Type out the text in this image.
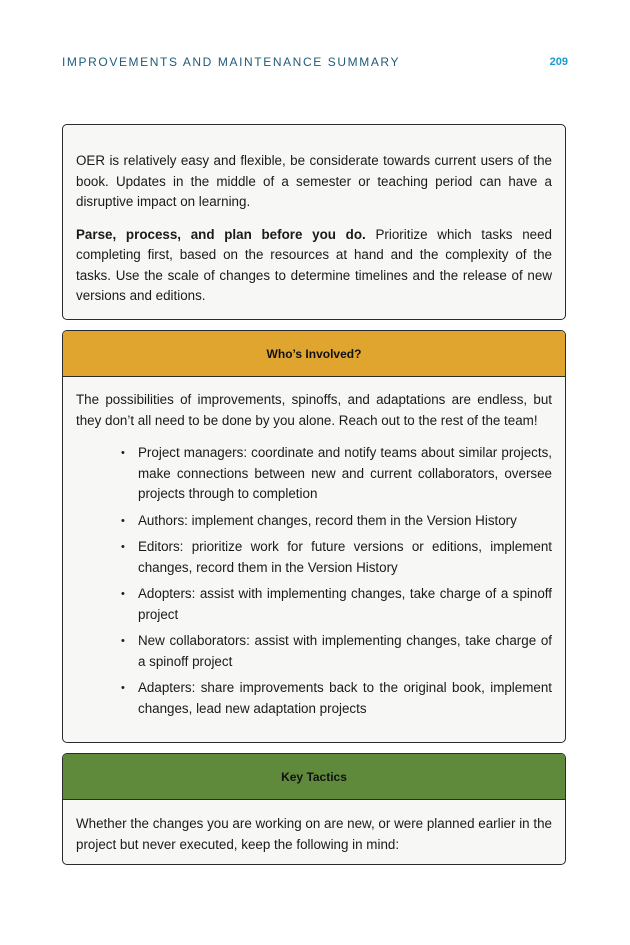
IMPROVEMENTS AND MAINTENANCE SUMMARY	209

OER is relatively easy and flexible, be considerate towards current users of the book. Updates in the middle of a semester or teaching period can have a disruptive impact on learning.

Parse, process, and plan before you do. Prioritize which tasks need completing first, based on the resources at hand and the complexity of the tasks. Use the scale of changes to determine timelines and the release of new versions and editions.

Who’s Involved?

The possibilities of improvements, spinoffs, and adaptations are endless, but they don’t all need to be done by you alone. Reach out to the rest of the team!

• Project managers: coordinate and notify teams about similar projects, make connections between new and current collaborators, oversee projects through to completion
• Authors: implement changes, record them in the Version History
• Editors: prioritize work for future versions or editions, implement changes, record them in the Version History
• Adopters: assist with implementing changes, take charge of a spinoff project
• New collaborators: assist with implementing changes, take charge of a spinoff project
• Adapters: share improvements back to the original book, implement changes, lead new adaptation projects
Key Tactics

Whether the changes you are working on are new, or were planned earlier in the project but never executed, keep the following in mind:
